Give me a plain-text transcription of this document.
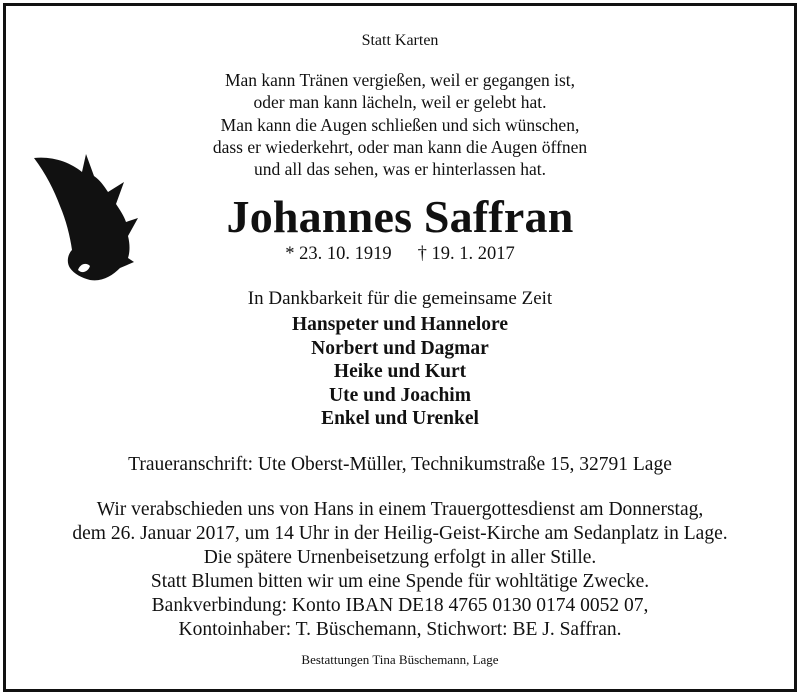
Statt Karten
Man kann Tränen vergießen, weil er gegangen ist,
oder man kann lächeln, weil er gelebt hat.
Man kann die Augen schließen und sich wünschen,
dass er wiederkehrt, oder man kann die Augen öffnen
und all das sehen, was er hinterlassen hat.
Johannes Saffran
* 23. 10. 1919 † 19. 1. 2017
In Dankbarkeit für die gemeinsame Zeit
Hanspeter und Hannelore
Norbert und Dagmar
Heike und Kurt
Ute und Joachim
Enkel und Urenkel
Traueranschrift: Ute Oberst-Müller, Technikumstraße 15, 32791 Lage
Wir verabschieden uns von Hans in einem Trauergottesdienst am Donnerstag,
dem 26. Januar 2017, um 14 Uhr in der Heilig-Geist-Kirche am Sedanplatz in Lage.
Die spätere Urnenbeisetzung erfolgt in aller Stille.
Statt Blumen bitten wir um eine Spende für wohltätige Zwecke.
Bankverbindung: Konto IBAN DE18 4765 0130 0174 0052 07,
Kontoinhaber: T. Büschemann, Stichwort: BE J. Saffran.
Bestattungen Tina Büschemann, Lage
